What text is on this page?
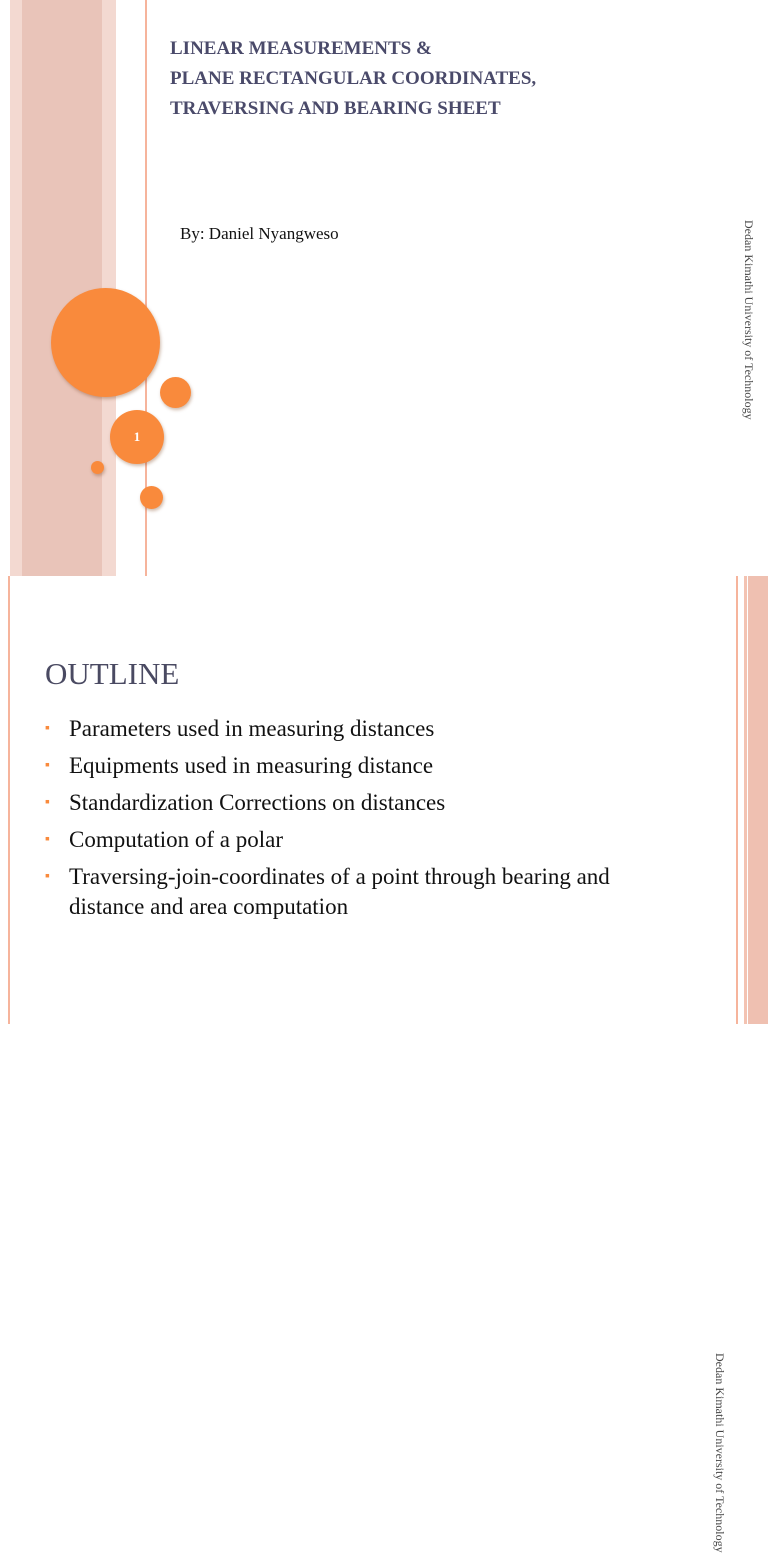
1
LINEAR MEASUREMENTS &
PLANE RECTANGULAR COORDINATES,
TRAVERSING AND BEARING SHEET
By: Daniel Nyangweso	Dedan Kimathi University of Technology
OUTLINE
▪ Parameters used in measuring distances
▪ Equipments used in measuring distance
▪ Standardization Corrections on distances
▪ Computation of a polar
▪ Traversing-join-coordinates of a point through bearing and distance and area computation
Dedan Kimathi University of Technology
